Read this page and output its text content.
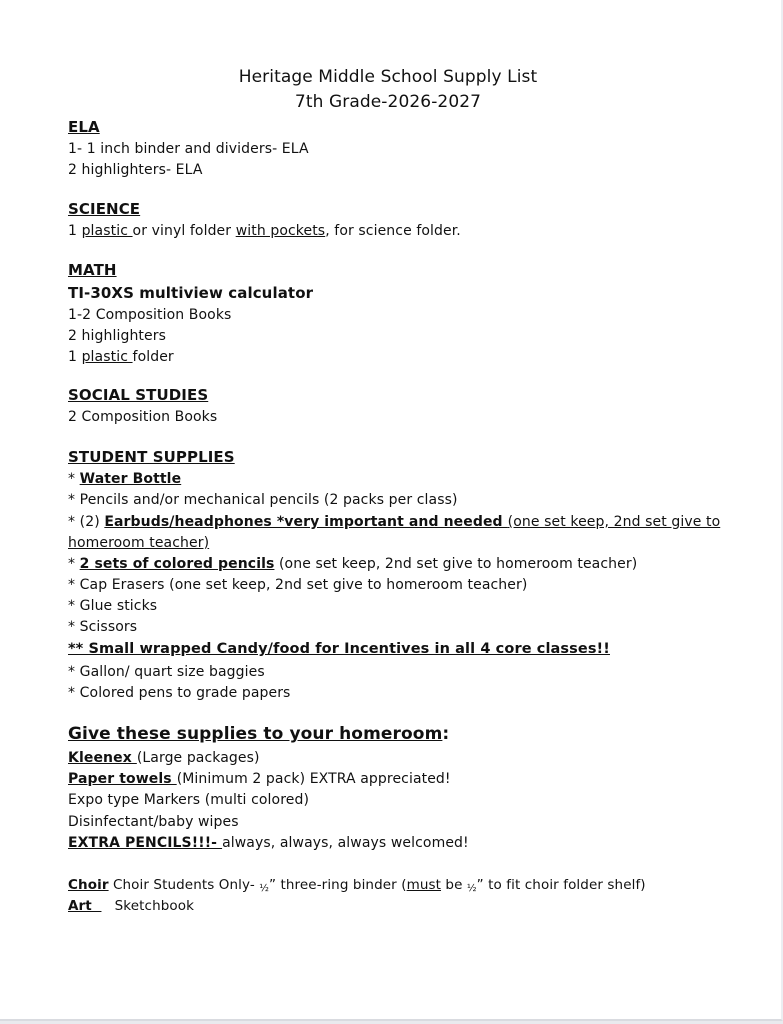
Heritage Middle School Supply List
7th Grade-2026-2027
ELA
1- 1 inch binder and dividers- ELA
2 highlighters- ELA
SCIENCE
1 plastic or vinyl folder with pockets, for science folder.
MATH
TI-30XS multiview calculator
1-2 Composition Books
2 highlighters
1 plastic folder
SOCIAL STUDIES
2 Composition Books
STUDENT SUPPLIES
* Water Bottle
* Pencils and/or mechanical pencils (2 packs per class)
* (2) Earbuds/headphones *very important and needed (one set keep, 2nd set give to
homeroom teacher)
* 2 sets of colored pencils (one set keep, 2nd set give to homeroom teacher)
* Cap Erasers (one set keep, 2nd set give to homeroom teacher)
* Glue sticks
* Scissors
** Small wrapped Candy/food for Incentives in all 4 core classes!!
* Gallon/ quart size baggies
* Colored pens to grade papers
Give these supplies to your homeroom:
Kleenex (Large packages)
Paper towels (Minimum 2 pack) EXTRA appreciated!
Expo type Markers (multi colored)
Disinfectant/baby wipes
EXTRA PENCILS!!!- always, always, always welcomed!
Choir Choir Students Only- ½” three-ring binder (must be ½” to fit choir folder shelf)
Art     Sketchbook
